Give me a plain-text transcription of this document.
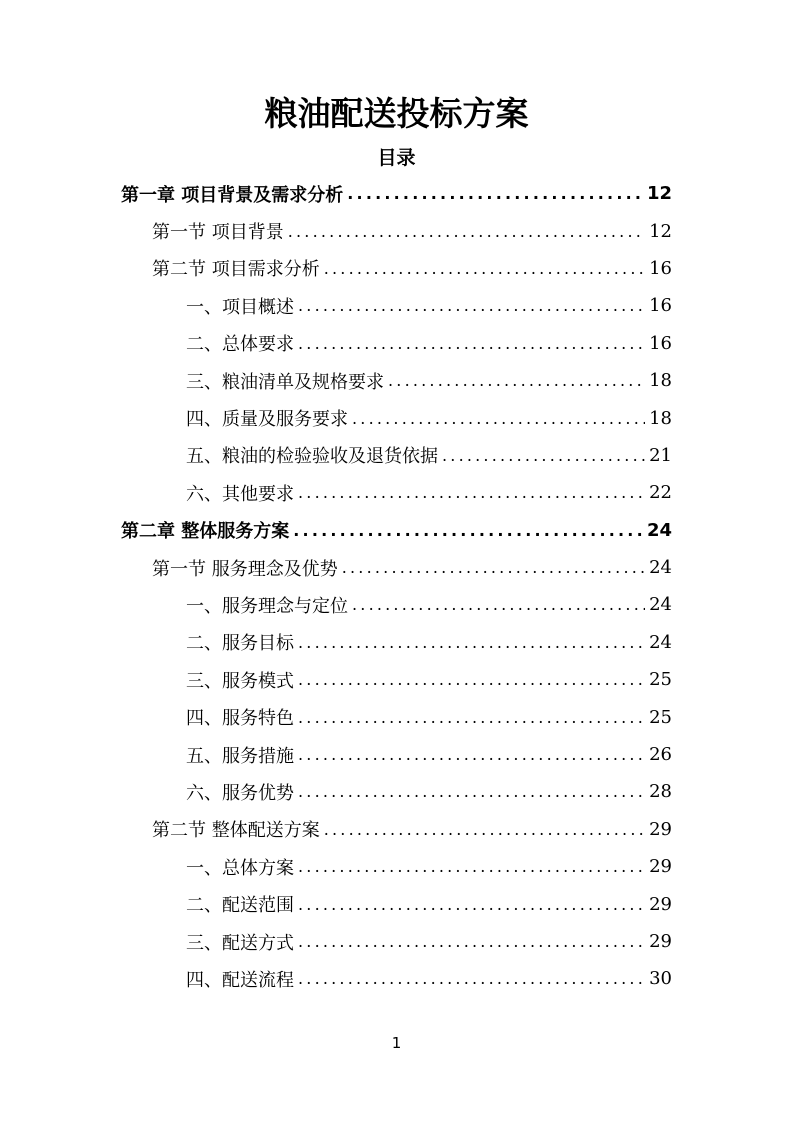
粮油配送投标方案
目录
第一章 项目背景及需求分析 .....	12
第一节 项目背景 .....	12
第二节 项目需求分析 .....	16
一、项目概述 .....	16
二、总体要求 .....	16
三、粮油清单及规格要求 .....	18
四、质量及服务要求 .....	18
五、粮油的检验验收及退货依据 .....	21
六、其他要求 .....	22
第二章 整体服务方案 .....	24
第一节 服务理念及优势 .....	24
一、服务理念与定位 .....	24
二、服务目标 .....	24
三、服务模式 .....	25
四、服务特色 .....	25
五、服务措施 .....	26
六、服务优势 .....	28
第二节 整体配送方案 .....	29
一、总体方案 .....	29
二、配送范围 .....	29
三、配送方式 .....	29
四、配送流程 .....	30
1
